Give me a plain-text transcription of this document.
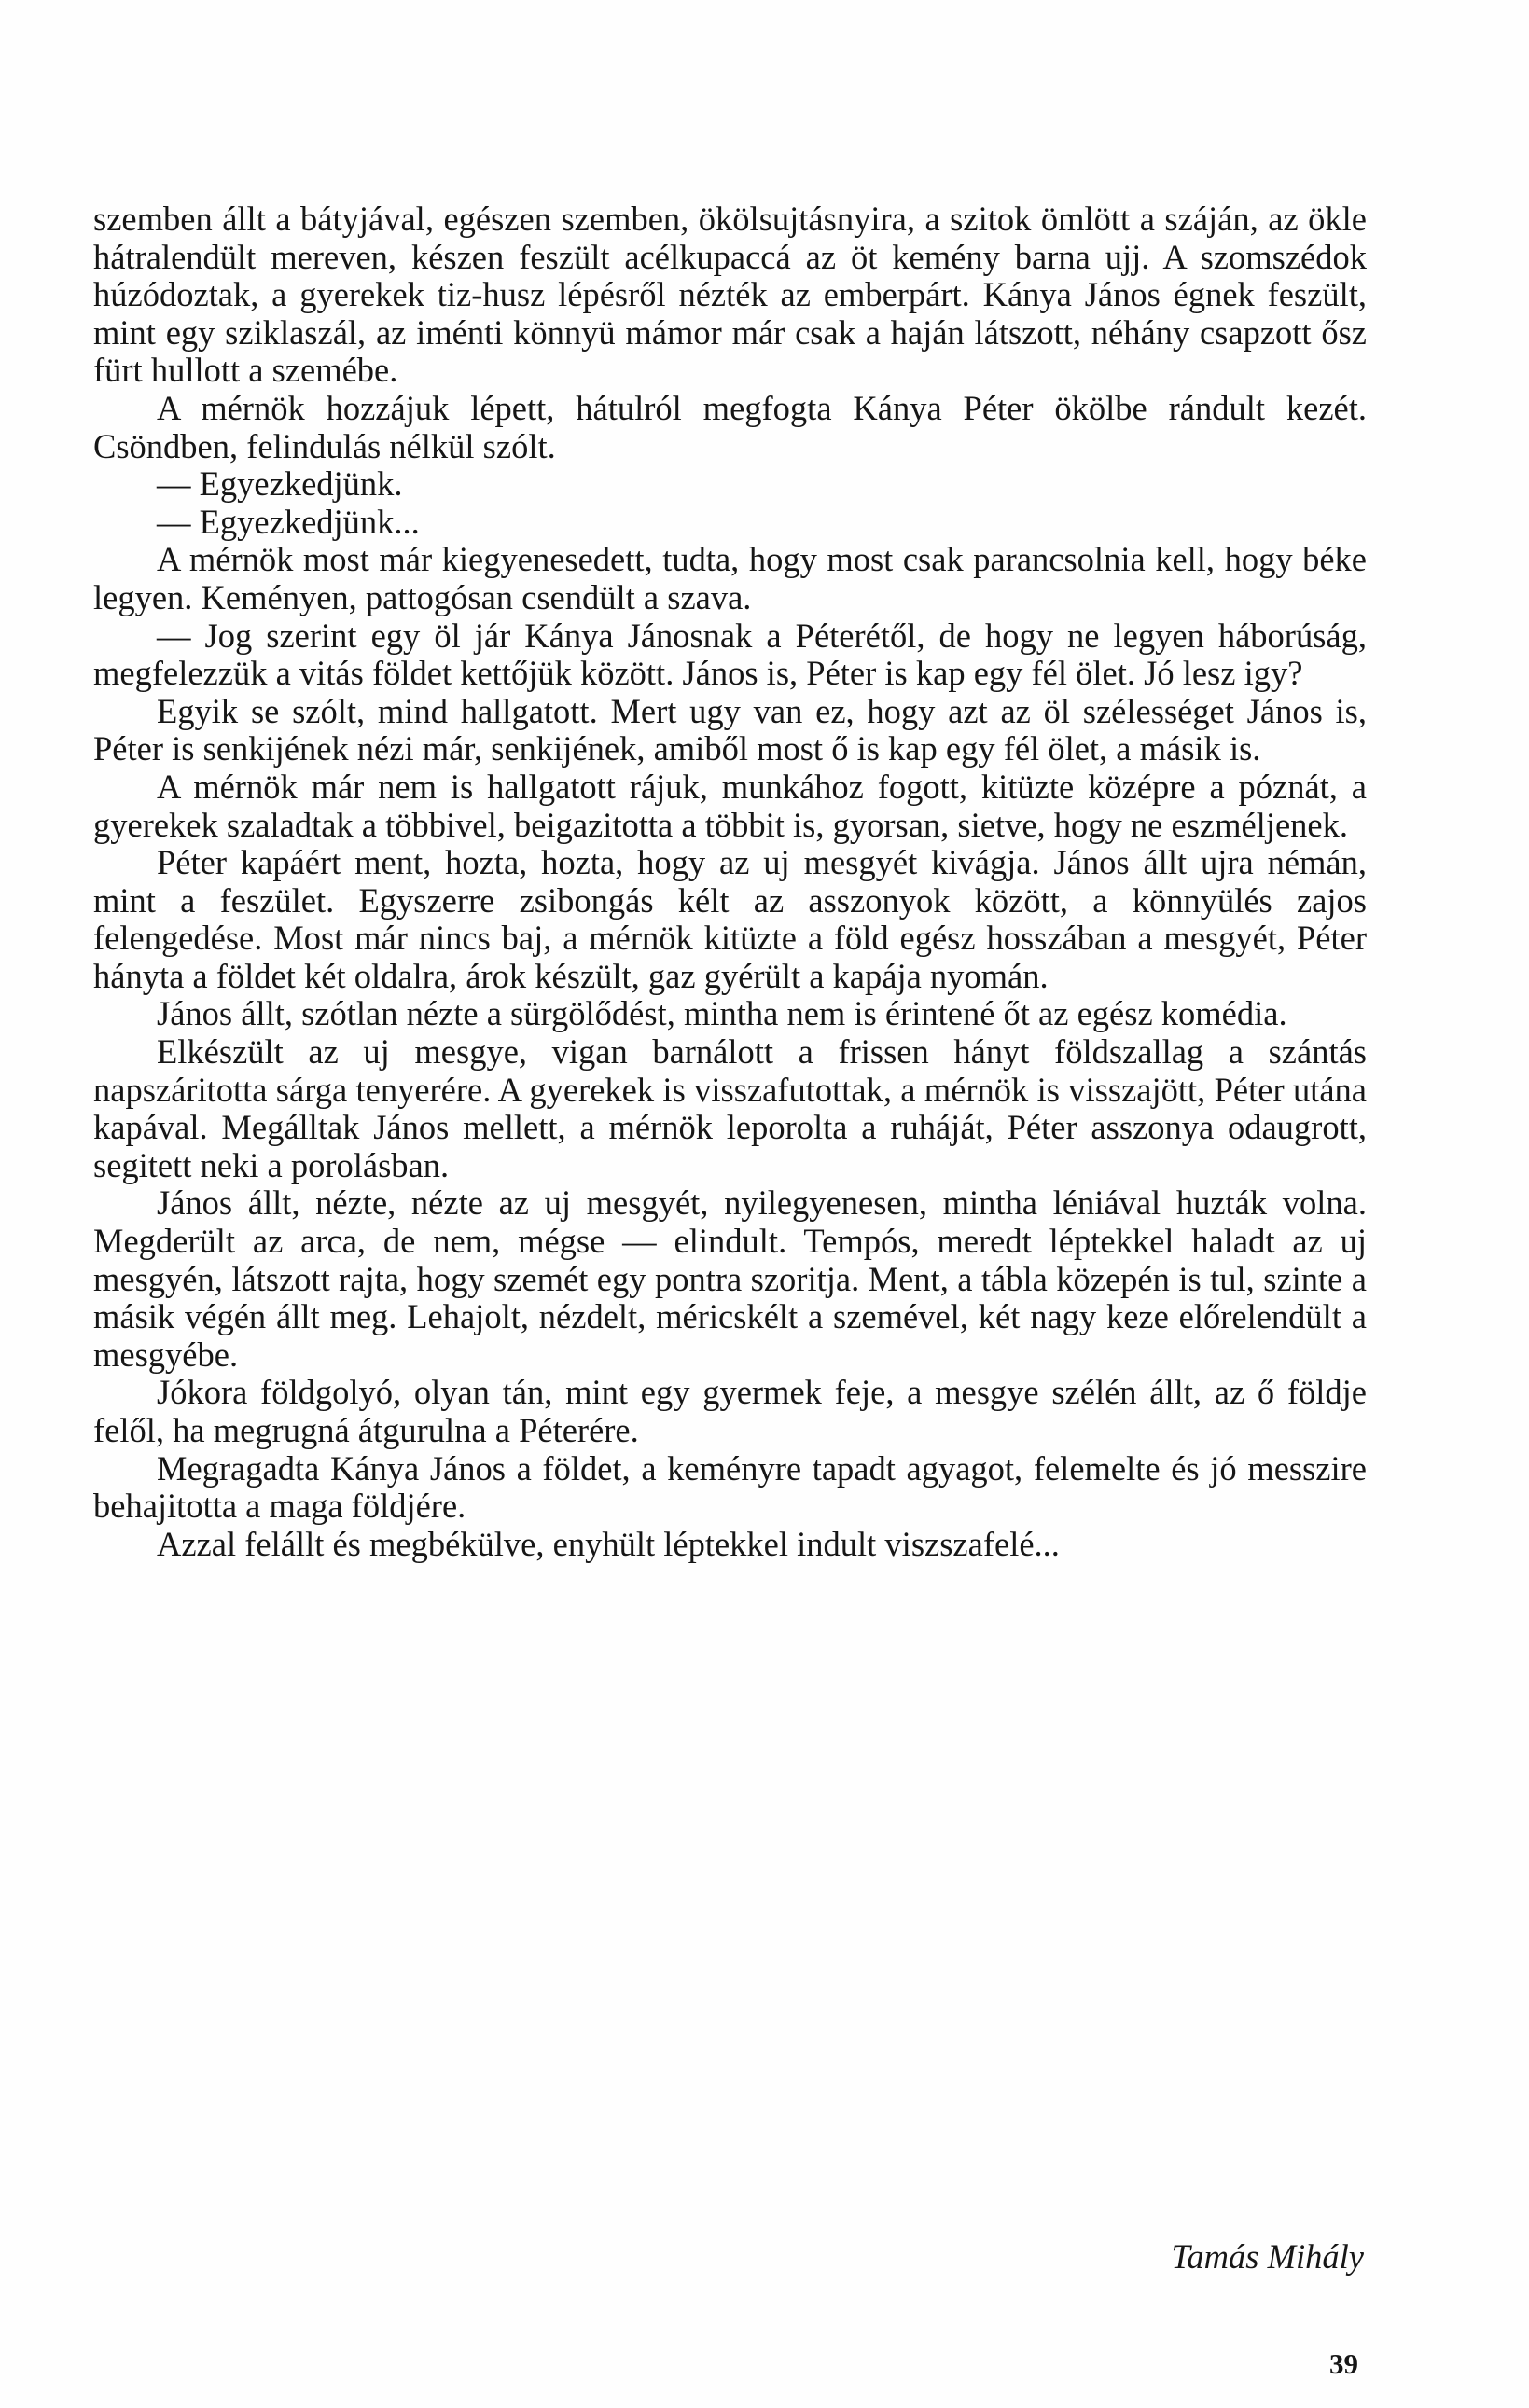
szemben állt a bátyjával, egészen szemben, ökölsujtásnyira, a szitok ömlött a száján, az ökle hátralendült mereven, készen feszült acélkupaccá az öt kemény barna ujj. A szomszédok húzódoztak, a gyerekek tiz-husz lépésről nézték az emberpárt. Kánya János égnek feszült, mint egy sziklaszál, az iménti könnyü mámor már csak a haján látszott, néhány csapzott ősz fürt hullott a szemébe.

A mérnök hozzájuk lépett, hátulról megfogta Kánya Péter ökölbe rándult kezét. Csöndben, felindulás nélkül szólt.

— Egyezkedjünk.

— Egyezkedjünk...

A mérnök most már kiegyenesedett, tudta, hogy most csak parancsolnia kell, hogy béke legyen. Keményen, pattogósan csendült a szava.

— Jog szerint egy öl jár Kánya Jánosnak a Péterétől, de hogy ne legyen háborúság, megfelezzük a vitás földet kettőjük között. János is, Péter is kap egy fél ölet. Jó lesz igy?

Egyik se szólt, mind hallgatott. Mert ugy van ez, hogy azt az öl szélességet János is, Péter is senkijének nézi már, senkijének, amiből most ő is kap egy fél ölet, a másik is.

A mérnök már nem is hallgatott rájuk, munkához fogott, kitüzte középre a póznát, a gyerekek szaladtak a többivel, beigazitotta a többit is, gyorsan, sietve, hogy ne eszméljenek.

Péter kapáért ment, hozta, hozta, hogy az uj mesgyét kivágja. János állt ujra némán, mint a feszület. Egyszerre zsibongás kélt az asszonyok között, a könnyülés zajos felengedése. Most már nincs baj, a mérnök kitüzte a föld egész hosszában a mesgyét, Péter hányta a földet két oldalra, árok készült, gaz gyérült a kapája nyomán.

János állt, szótlan nézte a sürgölődést, mintha nem is érintené őt az egész komédia.

Elkészült az uj mesgye, vigan barnálott a frissen hányt földszallag a szántás napszáritotta sárga tenyerére. A gyerekek is visszafutottak, a mérnök is visszajött, Péter utána kapával. Megálltak János mellett, a mérnök leporolta a ruháját, Péter asszonya odaugrott, segitett neki a porolásban.

János állt, nézte, nézte az uj mesgyét, nyilegyenesen, mintha léniával huzták volna. Megderült az arca, de nem, mégse — elindult. Tempós, meredt léptekkel haladt az uj mesgyén, látszott rajta, hogy szemét egy pontra szoritja. Ment, a tábla közepén is tul, szinte a másik végén állt meg. Lehajolt, nézdelt, méricskélt a szemével, két nagy keze előrelendült a mesgyébe.

Jókora földgolyó, olyan tán, mint egy gyermek feje, a mesgye szélén állt, az ő földje felől, ha megrugná átgurulna a Péterére.

Megragadta Kánya János a földet, a keményre tapadt agyagot, felemelte és jó messzire behajitotta a maga földjére.

Azzal felállt és megbékülve, enyhült léptekkel indult viszszafelé...

Tamás Mihály
39
